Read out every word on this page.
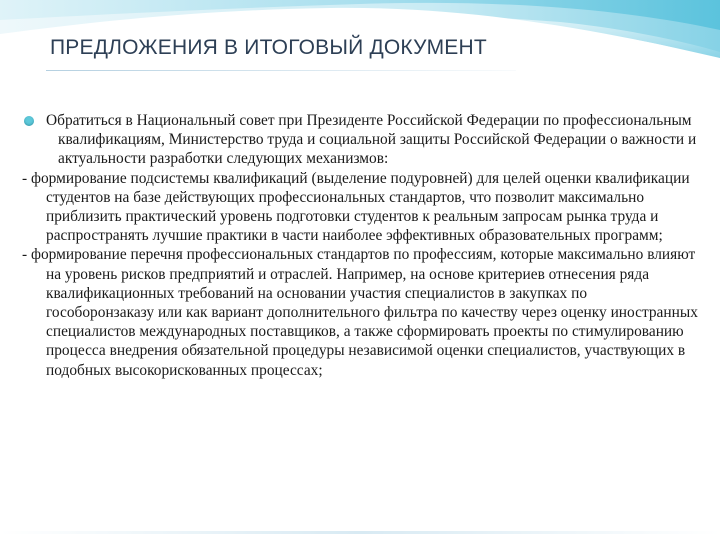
ПРЕДЛОЖЕНИЯ В ИТОГОВЫЙ ДОКУМЕНТ

Обратиться в Национальный совет при Президенте Российской Федерации по профессиональным квалификациям, Министерство труда и социальной защиты Российской Федерации о важности и актуальности разработки следующих механизмов:

- формирование подсистемы квалификаций (выделение подуровней) для целей оценки квалификации студентов на базе действующих профессиональных стандартов, что позволит максимально приблизить практический уровень подготовки студентов к реальным запросам рынка труда и распространять лучшие практики в части наиболее эффективных образовательных программ;

- формирование перечня профессиональных стандартов по профессиям, которые максимально влияют на уровень рисков предприятий и отраслей. Например, на основе критериев отнесения ряда квалификационных требований на основании участия специалистов в закупках по гособоронзаказу или как вариант дополнительного фильтра по качеству через оценку иностранных специалистов международных поставщиков, а также сформировать проекты по стимулированию процесса внедрения обязательной процедуры независимой оценки специалистов, участвующих в подобных высокорискованных процессах;
